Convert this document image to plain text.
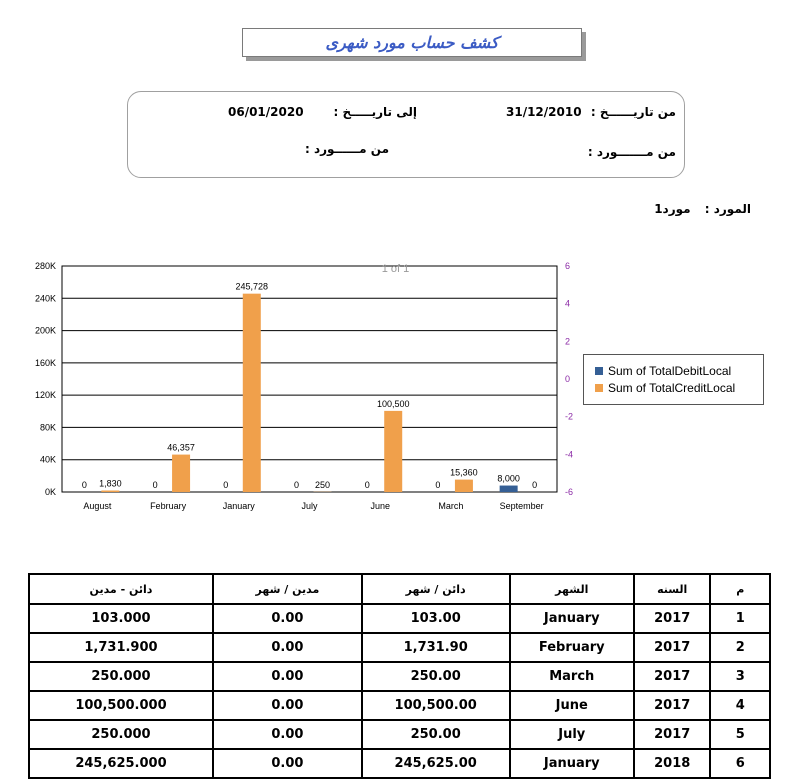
كشف حساب مورد شهرى
من تاريــــــخ :
31/12/2010
إلى تاريـــــخ :
06/01/2020
من مـــــــورد :
من مــــــورد :
المورد : مورد1
0K
40K
80K
120K
160K
200K
240K
280K
-6
-4
-2
0
2
4
6
1 of 1
August
0 1,830
February
0
46,357
January
0
245,728
July
0 250
June
0
100,500
March
0
15,360
September
8,000
0
Sum of TotalDebitLocal
Sum of TotalCreditLocal
م	السنه	الشهر	دائن / شهر	مدين / شهر	دائن - مدين
1	2017	January	103.00	0.00	103.000
2	2017	February	1,731.90	0.00	1,731.900
3	2017	March	250.00	0.00	250.000
4	2017	June	100,500.00	0.00	100,500.000
5	2017	July	250.00	0.00	250.000
6	2018	January	245,625.00	0.00	245,625.000
